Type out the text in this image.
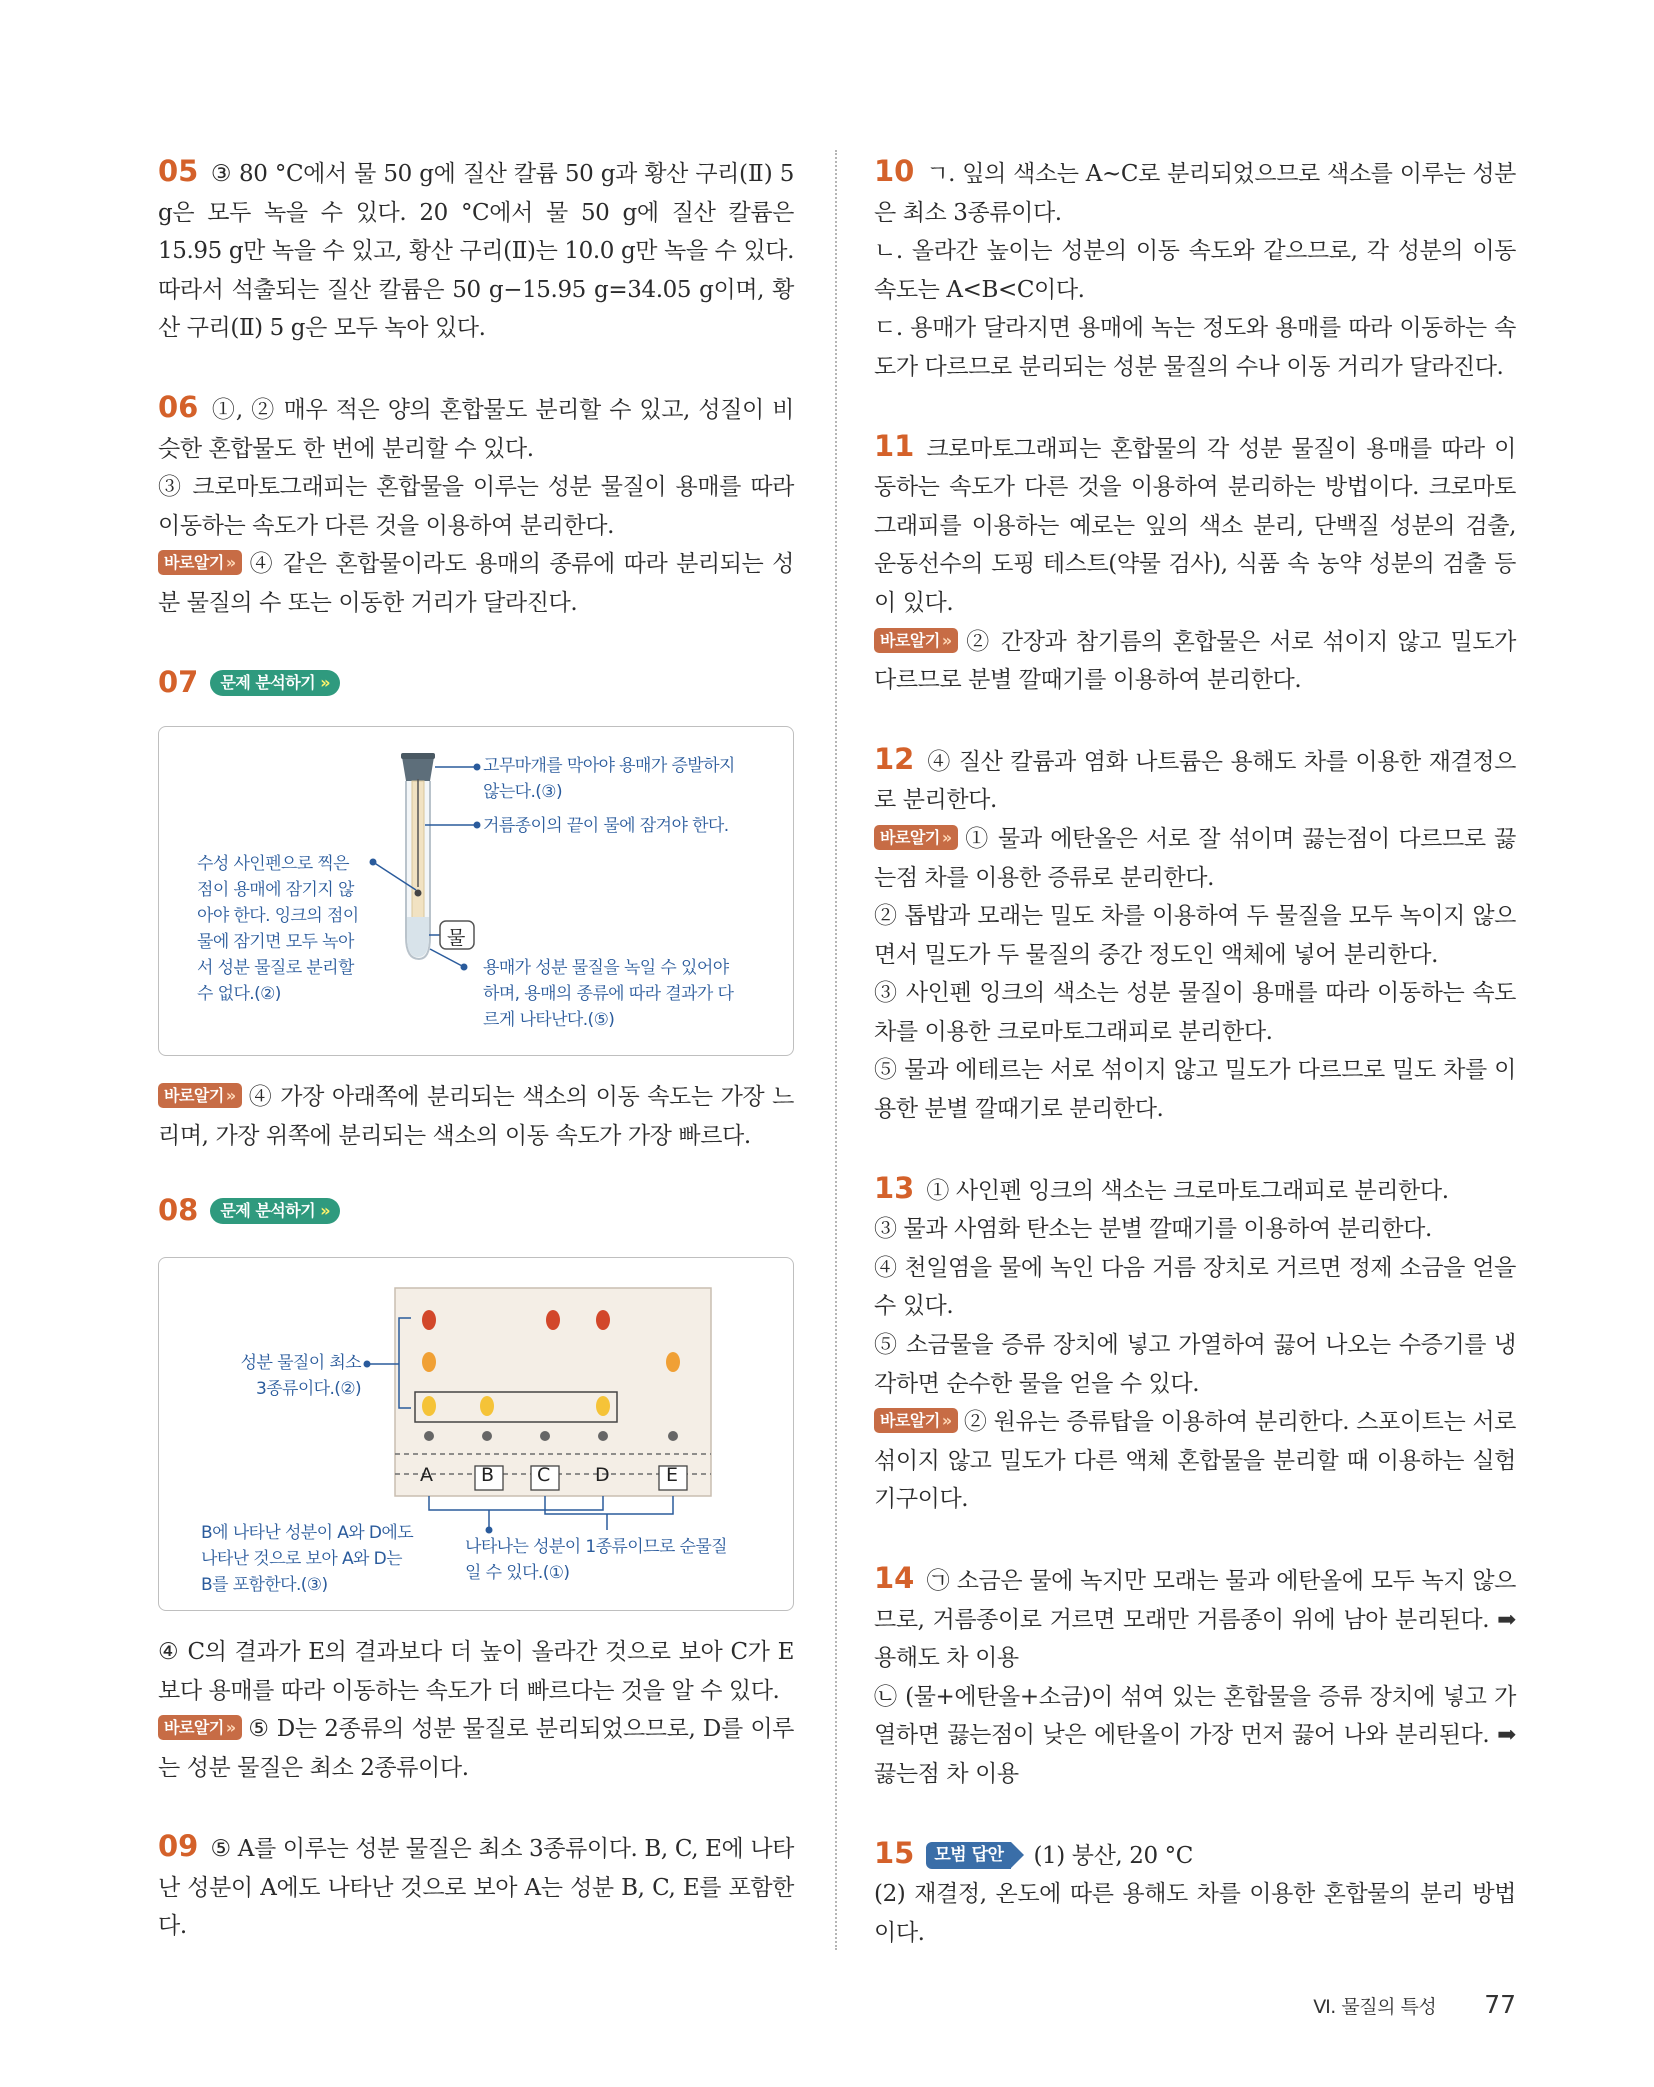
05 ③ 80 °C에서 물 50 g에 질산 칼륨 50 g과 황산 구리(Ⅱ) 5 g은 모두 녹을 수 있다. 20 °C에서 물 50 g에 질산 칼륨은 15.95 g만 녹을 수 있고, 황산 구리(Ⅱ)는 10.0 g만 녹을 수 있다. 따라서 석출되는 질산 칼륨은 50 g−15.95 g=34.05 g이며, 황산 구리(Ⅱ) 5 g은 모두 녹아 있다.

06 ①, ② 매우 적은 양의 혼합물도 분리할 수 있고, 성질이 비슷한 혼합물도 한 번에 분리할 수 있다.

③ 크로마토그래피는 혼합물을 이루는 성분 물질이 용매를 따라 이동하는 속도가 다른 것을 이용하여 분리한다.

바로알기 » ④ 같은 혼합물이라도 용매의 종류에 따라 분리되는 성분 물질의 수 또는 이동한 거리가 달라진다.

07 문제 분석하기 »

고무마개를 막아야 용매가 증발하지
않는다.(③)
거름종이의 끝이 물에 잠겨야 한다.
수성 사인펜으로 찍은
점이 용매에 잠기지 않
아야 한다. 잉크의 점이
물에 잠기면 모두 녹아
서 성분 물질로 분리할
수 없다.(②)
물
용매가 성분 물질을 녹일 수 있어야
하며, 용매의 종류에 따라 결과가 다
르게 나타난다.(⑤)

바로알기 » ④ 가장 아래쪽에 분리되는 색소의 이동 속도는 가장 느리며, 가장 위쪽에 분리되는 색소의 이동 속도가 가장 빠르다.

08 문제 분석하기 »

성분 물질이 최소
3종류이다.(②)
A	B C D	E
B에 나타난 성분이 A와 D에도
나타난 것으로 보아 A와 D는
B를 포함한다.(③)
나타나는 성분이 1종류이므로 순물질
일 수 있다.(①)

④ C의 결과가 E의 결과보다 더 높이 올라간 것으로 보아 C가 E보다 용매를 따라 이동하는 속도가 더 빠르다는 것을 알 수 있다.

바로알기 » ⑤ D는 2종류의 성분 물질로 분리되었으므로, D를 이루는 성분 물질은 최소 2종류이다.

09 ⑤ A를 이루는 성분 물질은 최소 3종류이다. B, C, E에 나타난 성분이 A에도 나타난 것으로 보아 A는 성분 B, C, E를 포함한다.

10 ㄱ. 잎의 색소는 A~C로 분리되었으므로 색소를 이루는 성분은 최소 3종류이다.

ㄴ. 올라간 높이는 성분의 이동 속도와 같으므로, 각 성분의 이동 속도는 A<B<C이다.

ㄷ. 용매가 달라지면 용매에 녹는 정도와 용매를 따라 이동하는 속도가 다르므로 분리되는 성분 물질의 수나 이동 거리가 달라진다.

11 크로마토그래피는 혼합물의 각 성분 물질이 용매를 따라 이동하는 속도가 다른 것을 이용하여 분리하는 방법이다. 크로마토그래피를 이용하는 예로는 잎의 색소 분리, 단백질 성분의 검출, 운동선수의 도핑 테스트(약물 검사), 식품 속 농약 성분의 검출 등이 있다.

바로알기 » ② 간장과 참기름의 혼합물은 서로 섞이지 않고 밀도가 다르므로 분별 깔때기를 이용하여 분리한다.

12 ④ 질산 칼륨과 염화 나트륨은 용해도 차를 이용한 재결정으로 분리한다.

바로알기 » ① 물과 에탄올은 서로 잘 섞이며 끓는점이 다르므로 끓는점 차를 이용한 증류로 분리한다.

② 톱밥과 모래는 밀도 차를 이용하여 두 물질을 모두 녹이지 않으면서 밀도가 두 물질의 중간 정도인 액체에 넣어 분리한다.

③ 사인펜 잉크의 색소는 성분 물질이 용매를 따라 이동하는 속도 차를 이용한 크로마토그래피로 분리한다.

⑤ 물과 에테르는 서로 섞이지 않고 밀도가 다르므로 밀도 차를 이용한 분별 깔때기로 분리한다.

13 ① 사인펜 잉크의 색소는 크로마토그래피로 분리한다.

③ 물과 사염화 탄소는 분별 깔때기를 이용하여 분리한다.

④ 천일염을 물에 녹인 다음 거름 장치로 거르면 정제 소금을 얻을 수 있다.

⑤ 소금물을 증류 장치에 넣고 가열하여 끓어 나오는 수증기를 냉각하면 순수한 물을 얻을 수 있다.

바로알기 » ② 원유는 증류탑을 이용하여 분리한다. 스포이트는 서로 섞이지 않고 밀도가 다른 액체 혼합물을 분리할 때 이용하는 실험 기구이다.

14 ㉠ 소금은 물에 녹지만 모래는 물과 에탄올에 모두 녹지 않으므로, 거름종이로 거르면 모래만 거름종이 위에 남아 분리된다. ➡ 용해도 차 이용

㉡ (물+에탄올+소금)이 섞여 있는 혼합물을 증류 장치에 넣고 가열하면 끓는점이 낮은 에탄올이 가장 먼저 끓어 나와 분리된다. ➡ 끓는점 차 이용

15 모범 답안 (1) 붕산, 20 °C

(2) 재결정, 온도에 따른 용해도 차를 이용한 혼합물의 분리 방법이다.

Ⅵ. 물질의 특성 77
